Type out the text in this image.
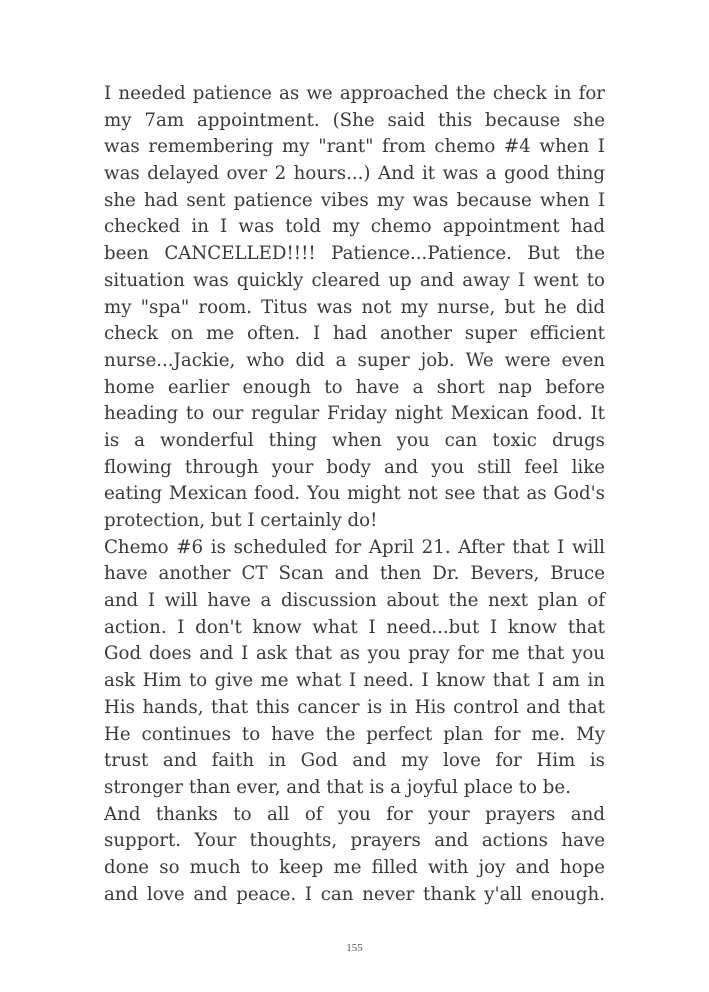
I needed patience as we approached the check in for
my 7am appointment. (She said this because she
was remembering my "rant" from chemo #4 when I
was delayed over 2 hours...) And it was a good thing
she had sent patience vibes my was because when I
checked in I was told my chemo appointment had
been CANCELLED!!!! Patience...Patience. But the
situation was quickly cleared up and away I went to
my "spa" room. Titus was not my nurse, but he did
check on me often. I had another super efficient
nurse...Jackie, who did a super job. We were even
home earlier enough to have a short nap before
heading to our regular Friday night Mexican food. It
is a wonderful thing when you can toxic drugs
flowing through your body and you still feel like
eating Mexican food. You might not see that as God's
protection, but I certainly do!
Chemo #6 is scheduled for April 21. After that I will
have another CT Scan and then Dr. Bevers, Bruce
and I will have a discussion about the next plan of
action. I don't know what I need...but I know that
God does and I ask that as you pray for me that you
ask Him to give me what I need. I know that I am in
His hands, that this cancer is in His control and that
He continues to have the perfect plan for me. My
trust and faith in God and my love for Him is
stronger than ever, and that is a joyful place to be.
And thanks to all of you for your prayers and
support. Your thoughts, prayers and actions have
done so much to keep me filled with joy and hope
and love and peace. I can never thank y'all enough.
155
